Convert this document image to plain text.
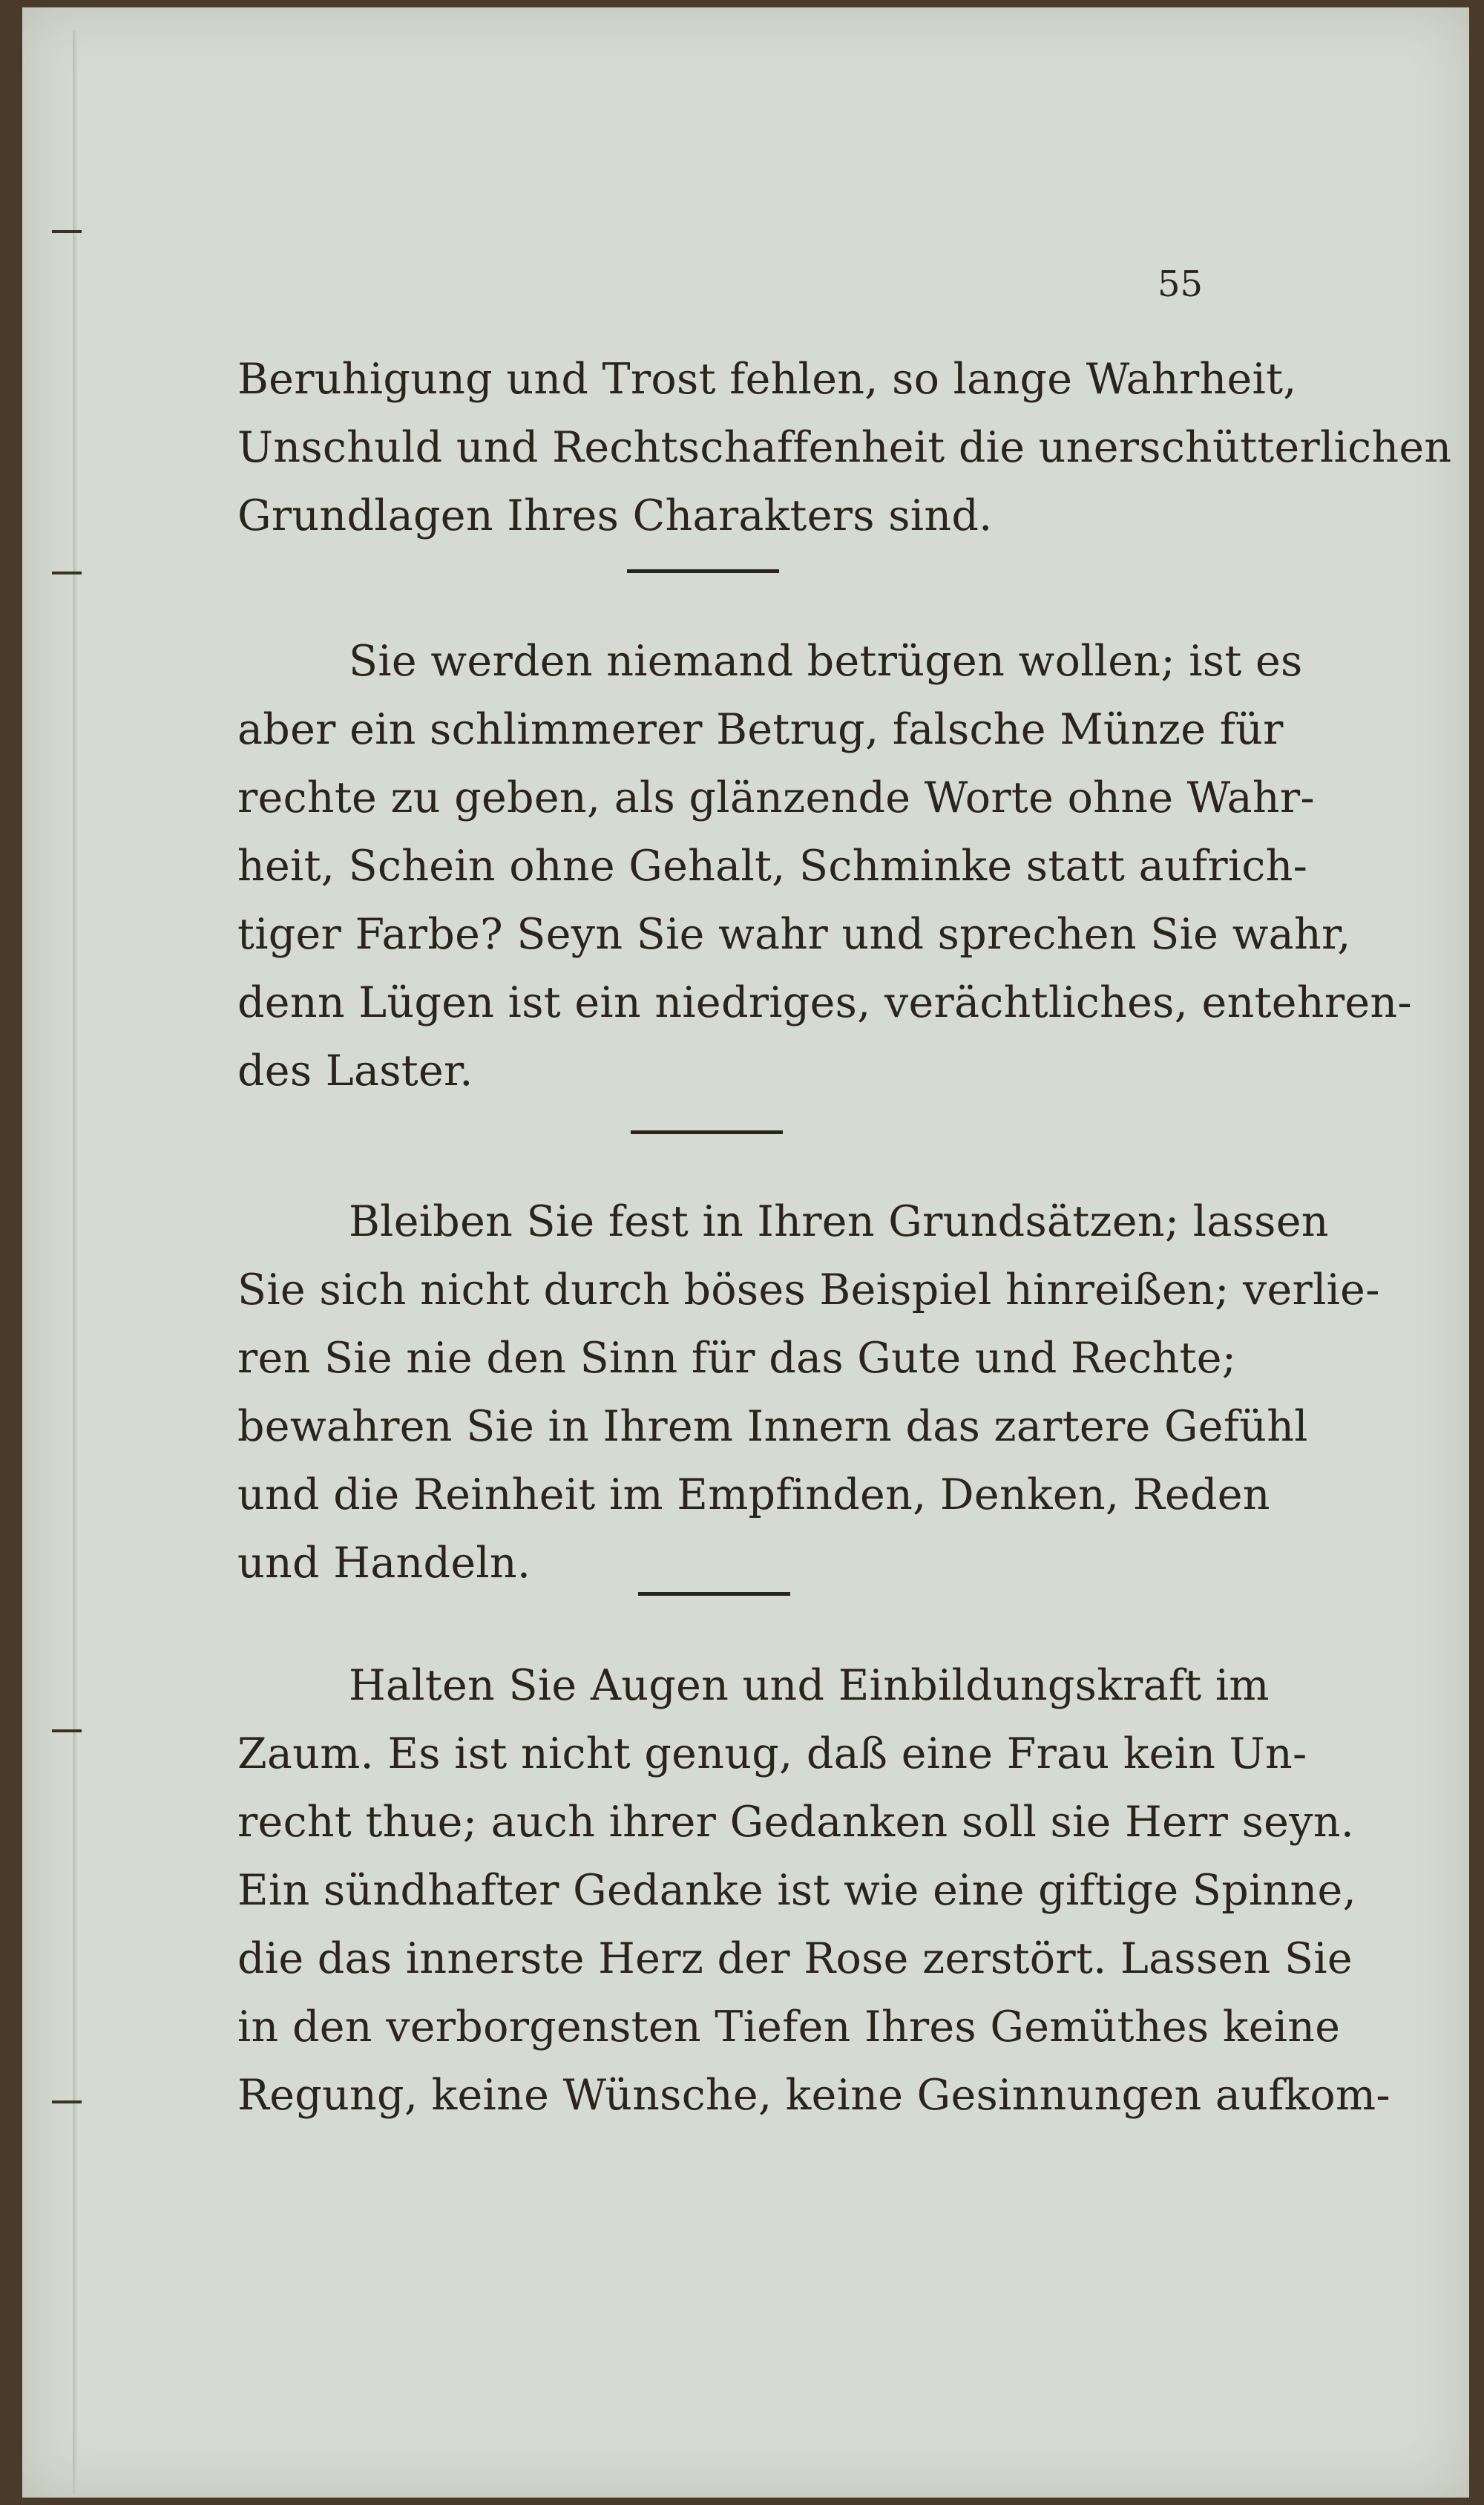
55
Beruhigung und Trost fehlen, so lange Wahrheit,
Unschuld und Rechtschaffenheit die unerschütterlichen
Grundlagen Ihres Charakters sind.
Sie werden niemand betrügen wollen; ist es
aber ein schlimmerer Betrug, falsche Münze für
rechte zu geben, als glänzende Worte ohne Wahr-
heit, Schein ohne Gehalt, Schminke statt aufrich-
tiger Farbe? Seyn Sie wahr und sprechen Sie wahr,
denn Lügen ist ein niedriges, verächtliches, entehren-
des Laster.
Bleiben Sie fest in Ihren Grundsätzen; lassen
Sie sich nicht durch böses Beispiel hinreißen; verlie-
ren Sie nie den Sinn für das Gute und Rechte;
bewahren Sie in Ihrem Innern das zartere Gefühl
und die Reinheit im Empfinden, Denken, Reden
und Handeln.
Halten Sie Augen und Einbildungskraft im
Zaum. Es ist nicht genug, daß eine Frau kein Un-
recht thue; auch ihrer Gedanken soll sie Herr seyn.
Ein sündhafter Gedanke ist wie eine giftige Spinne,
die das innerste Herz der Rose zerstört. Lassen Sie
in den verborgensten Tiefen Ihres Gemüthes keine
Regung, keine Wünsche, keine Gesinnungen aufkom-
